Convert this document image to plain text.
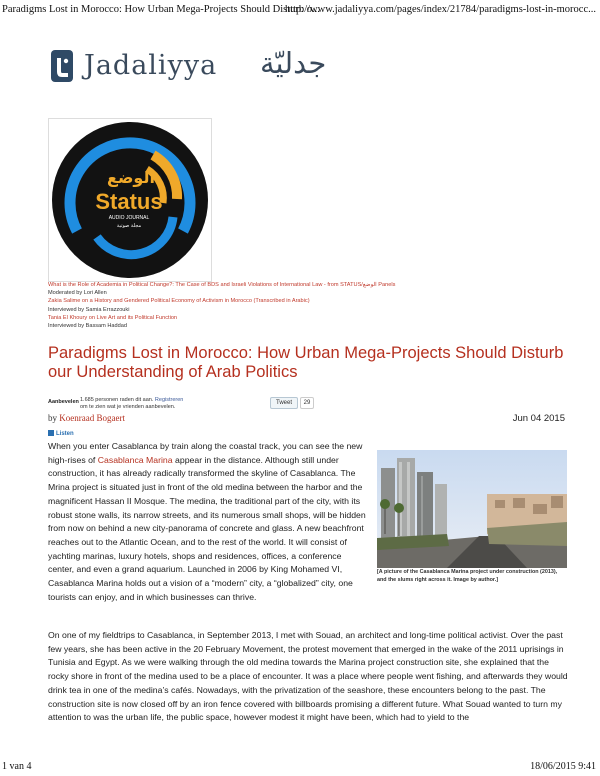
Paradigms Lost in Morocco: How Urban Mega-Projects Should Disturb o...
http://www.jadaliyya.com/pages/index/21784/paradigms-lost-in-morocc...
Jadaliyya جدليّة
الوضع
Status
AUDIO JOURNAL
مجلة صوتية
What is the Role of Academia in Political Change?: The Case of BDS and Israeli Violations of International Law - from STATUS/الوضع Panels
Moderated by Lori Allen
Zakia Salime on a History and Gendered Political Economy of Activism in Morocco (Transcribed in Arabic)
Interviewed by Samia Errazzouki
Tania El Khoury on Live Art and its Political Function
Interviewed by Bassam Haddad
Paradigms Lost in Morocco: How Urban Mega-Projects Should Disturb our Understanding of Arab Politics
Aanbevelen 1.685 personen raden dit aan. Registreren om te zien wat je vrienden aanbevelen.
Tweet	29
by Koenraad Bogaert	Jun 04 2015
Listen

When you enter Casablanca by train along the coastal track, you can see the new high-rises of Casablanca Marina appear in the distance. Although still under construction, it has already radically transformed the skyline of Casablanca. The Mrina project is situated just in front of the old medina between the harbor and the magnificent Hassan II Mosque. The medina, the traditional part of the city, with its robust stone walls, its narrow streets, and its numerous small shops, will be hidden from now on behind a new city-panorama of concrete and glass. A new beachfront reaches out to the Atlantic Ocean, and to the rest of the world. It will consist of yachting marinas, luxury hotels, shops and residences, offices, a conference center, and even a grand aquarium. Launched in 2006 by King Mohamed VI, Casablanca Marina holds out a vision of a “modern” city, a “globalized” city, one tourists can enjoy, and in which businesses can thrive.

[A picture of the Casablanca Marina project under construction (2013), and the slums right across it. Image by author.]

On one of my fieldtrips to Casablanca, in September 2013, I met with Souad, an architect and long-time political activist. Over the past few years, she has been active in the 20 February Movement, the protest movement that emerged in the wake of the 2011 uprisings in Tunisia and Egypt. As we were walking through the old medina towards the Marina project construction site, she explained that the rocky shore in front of the medina used to be a place of encounter. It was a place where people went fishing, and afterwards they would drink tea in one of the medina’s cafés. Nowadays, with the privatization of the seashore, these encounters belong to the past. The construction site is now closed off by an iron fence covered with billboards promising a different future. What Souad wanted to turn my attention to was the urban life, the public space, however modest it might have been, which had to yield to the

1 van 4	18/06/2015 9:41
